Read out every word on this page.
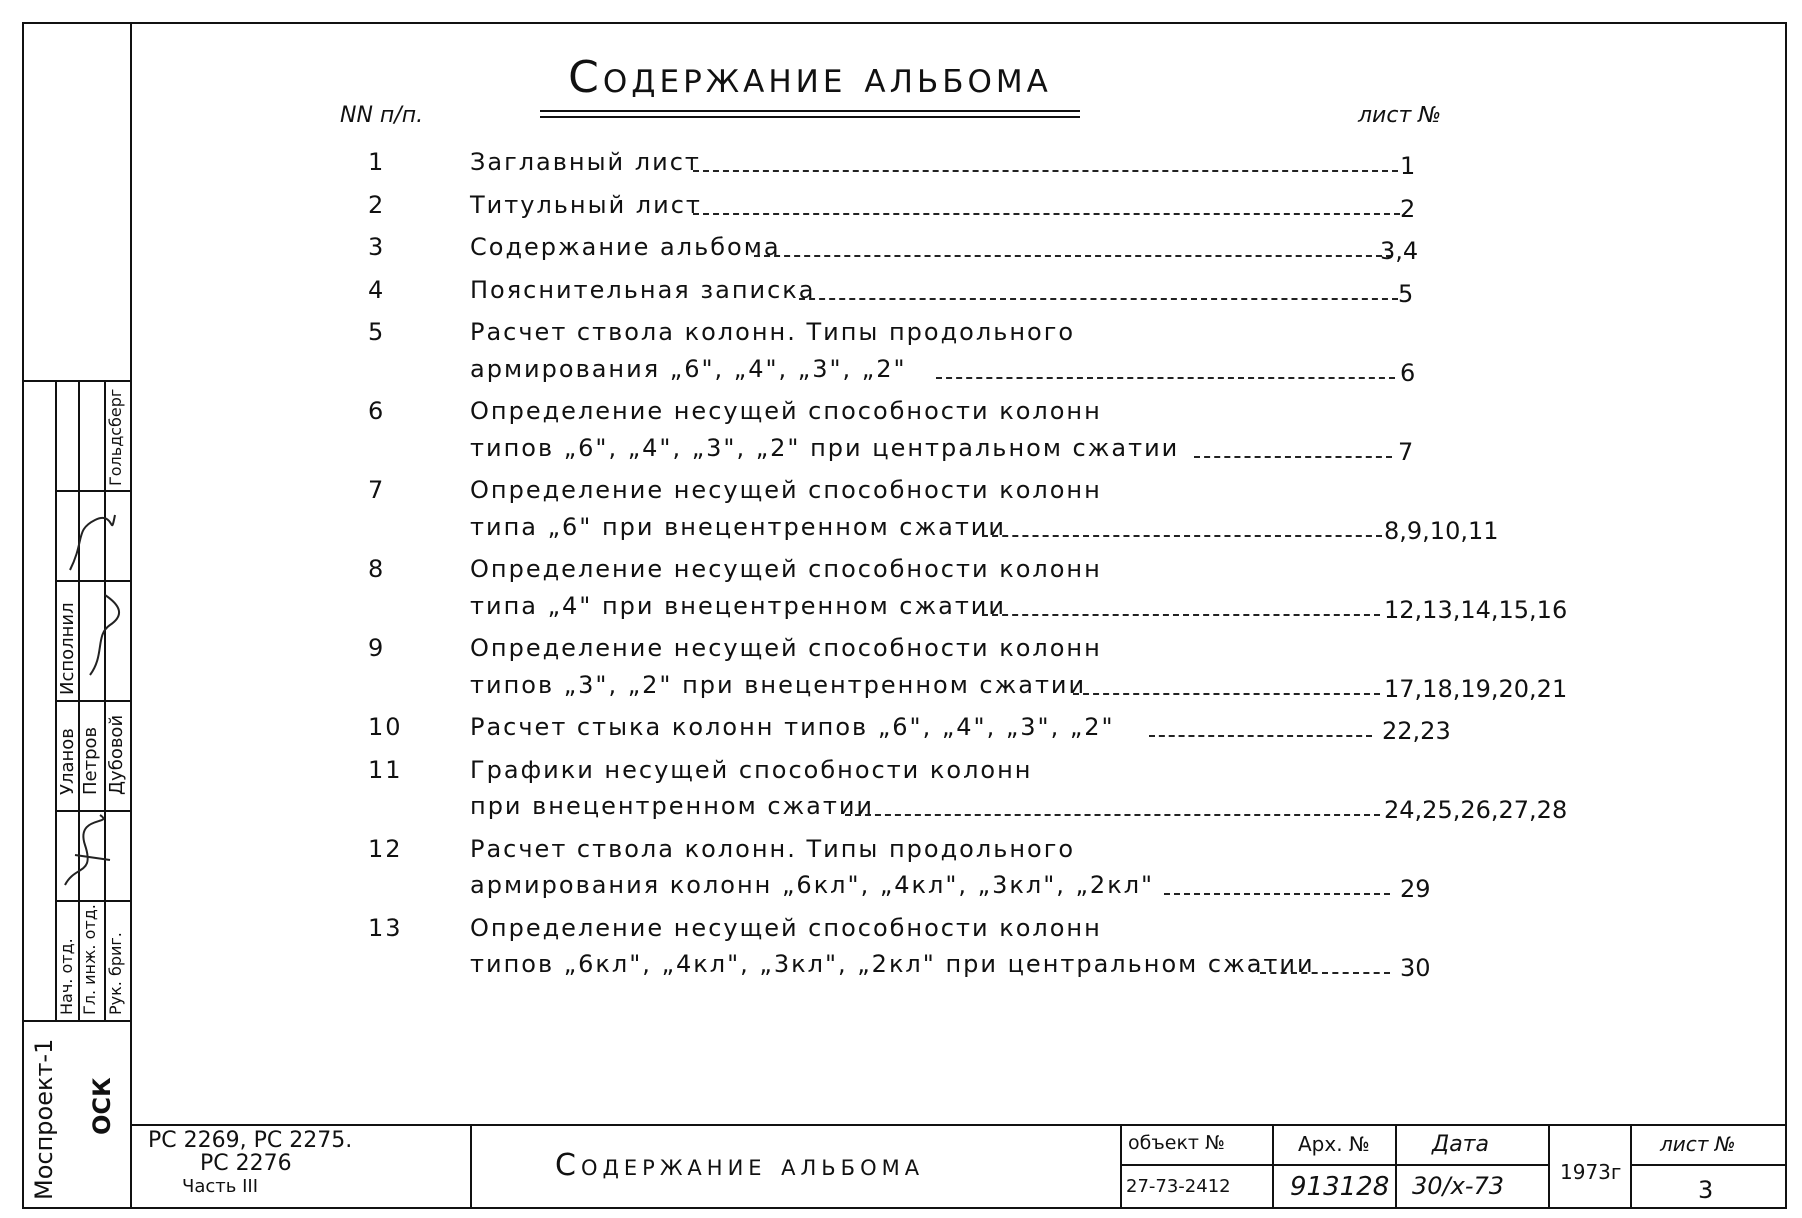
Моспроект-1 ОСК
Нач. отд. Гл. инж. отд. Рук. бриг.
Уланов Петров Дубовой
Исполнил
Гольдсберг
Содержание альбома
NN п/п.	лист №
1	Заглавный лист	1
2	Титульный лист	2
3	Содержание альбома	3,4
4	Пояснительная записка	5
5	Расчет ствола колонн. Типы продольного
армирования „6", „4", „3", „2"	6
6	Определение несущей способности колонн
типов „6", „4", „3", „2" при центральном сжатии	7
7	Определение несущей способности колонн
типа „6" при внецентренном сжатии	8,9,10,11
8	Определение несущей способности колонн
типа „4" при внецентренном сжатии	12,13,14,15,16
9	Определение несущей способности колонн
типов „3", „2" при внецентренном сжатии	17,18,19,20,21
10	Расчет стыка колонн типов „6", „4", „3", „2"	22,23
11	Графики несущей способности колонн
при внецентренном сжатии	24,25,26,27,28
12	Расчет ствола колонн. Типы продольного
армирования колонн „6кл", „4кл", „3кл", „2кл"	29
13	Определение несущей способности колонн
типов „6кл", „4кл", „3кл", „2кл" при центральном сжатии	30
РС 2269, РС 2275.
РС 2276
Часть III
Содержание альбома
объект №
27-73-2412
Арх. №
913128
Дата
30/х-73	1973г
лист №
3
